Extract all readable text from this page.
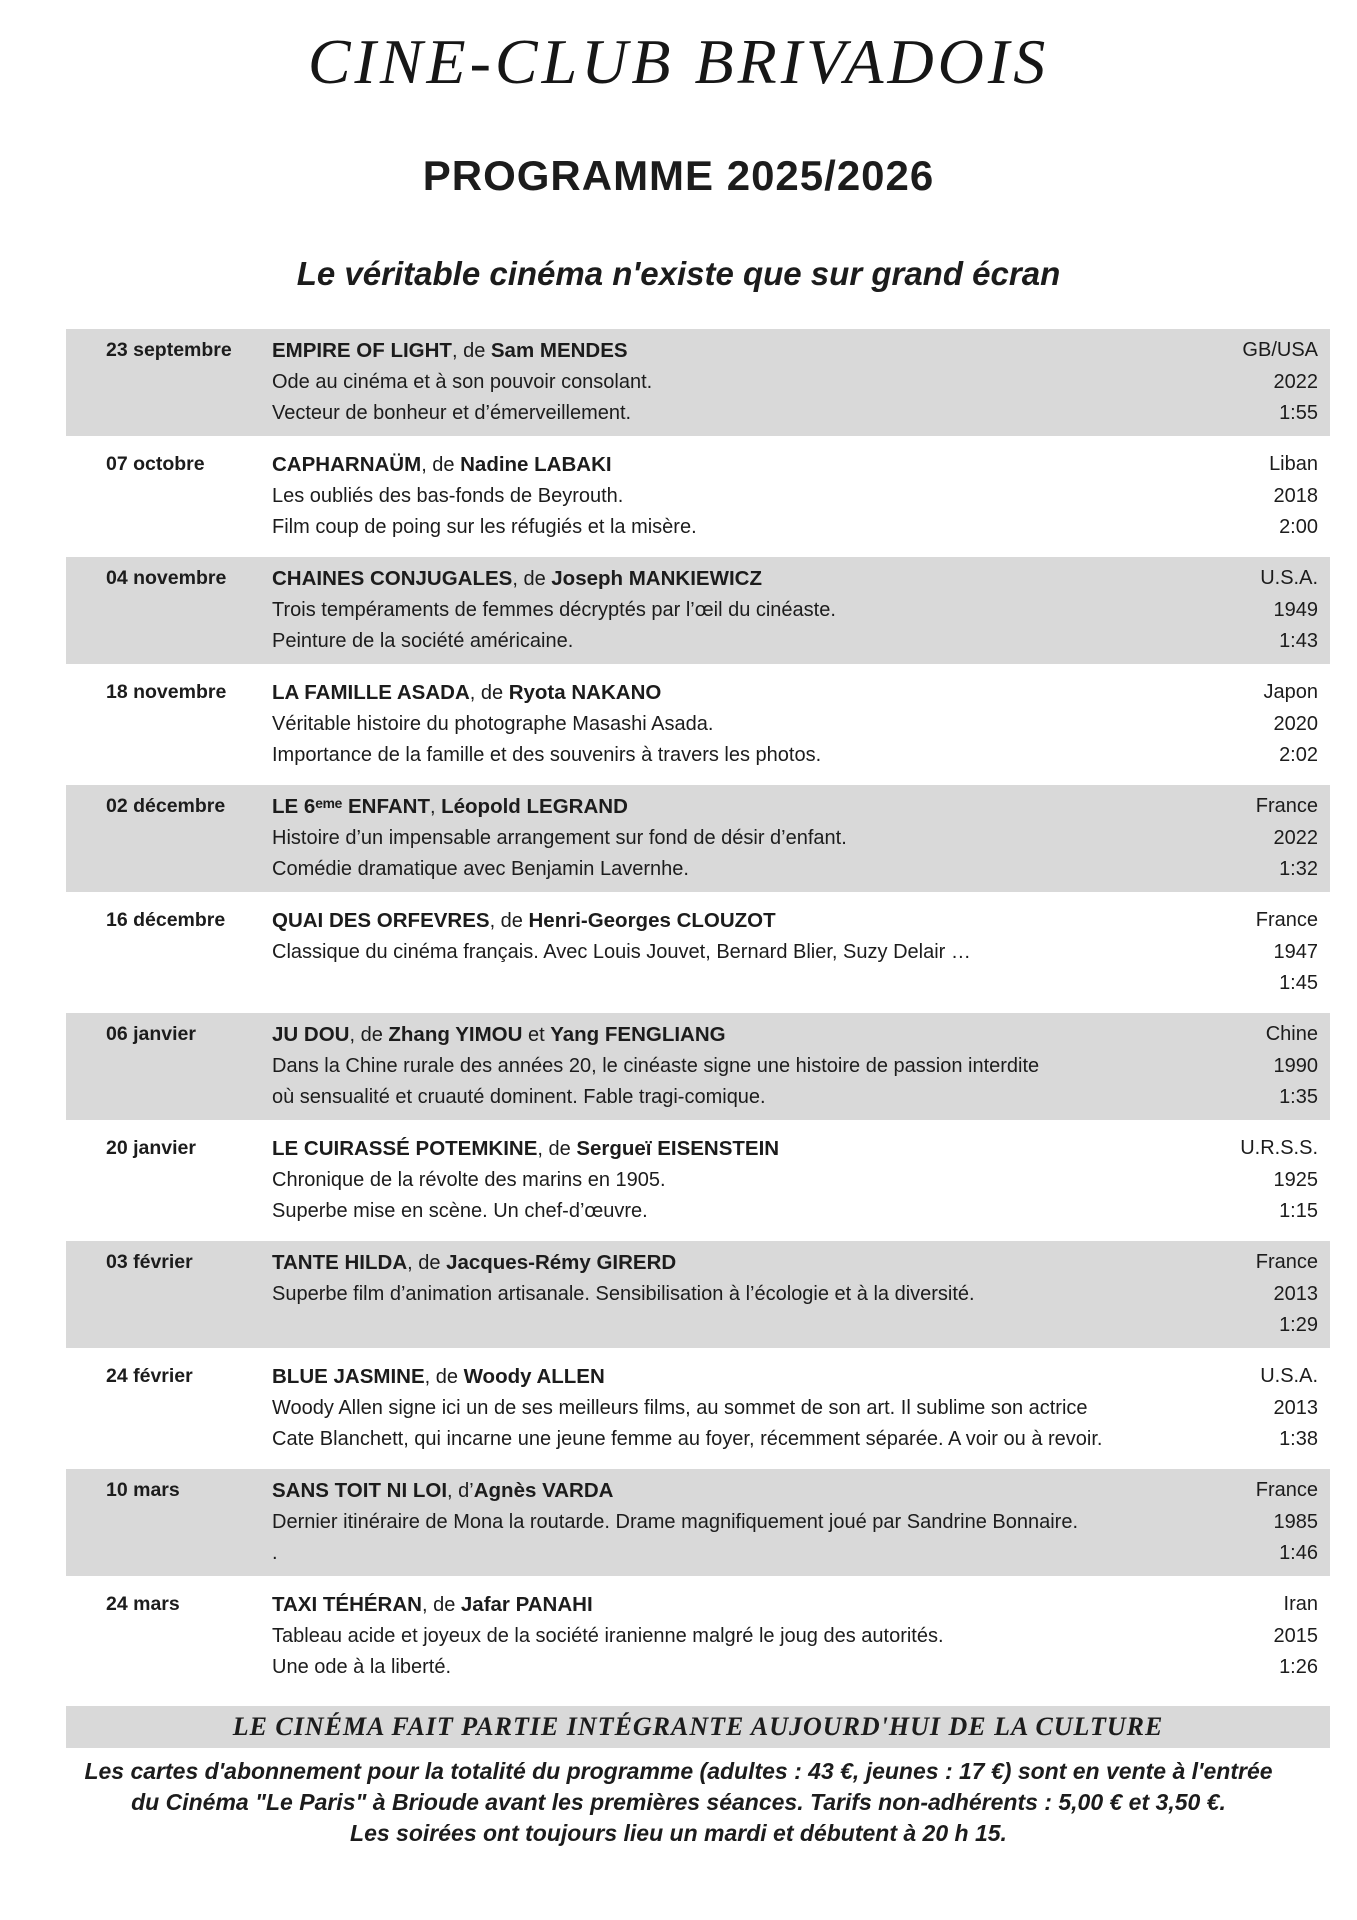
CINE-CLUB BRIVADOIS
PROGRAMME 2025/2026
Le véritable cinéma n'existe que sur grand écran
23 septembre	EMPIRE OF LIGHT, de Sam MENDES	GB/USA
Ode au cinéma et à son pouvoir consolant.	2022
Vecteur de bonheur et d’émerveillement.	1:55
07 octobre	CAPHARNAÜM, de Nadine LABAKI	Liban
Les oubliés des bas-fonds de Beyrouth.	2018
Film coup de poing sur les réfugiés et la misère.	2:00
04 novembre	CHAINES CONJUGALES, de Joseph MANKIEWICZ	U.S.A.
Trois tempéraments de femmes décryptés par l’œil du cinéaste.	1949
Peinture de la société américaine.	1:43
18 novembre	LA FAMILLE ASADA, de Ryota NAKANO	Japon
Véritable histoire du photographe Masashi Asada.	2020
Importance de la famille et des souvenirs à travers les photos.	2:02
02 décembre	LE 6ᵉᵐᵉ ENFANT, Léopold LEGRAND	France
Histoire d’un impensable arrangement sur fond de désir d’enfant.	2022
Comédie dramatique avec Benjamin Lavernhe.	1:32
16 décembre	QUAI DES ORFEVRES, de Henri-Georges CLOUZOT	France
Classique du cinéma français. Avec Louis Jouvet, Bernard Blier, Suzy Delair …	1947
1:45
06 janvier	JU DOU, de Zhang YIMOU et Yang FENGLIANG	Chine
Dans la Chine rurale des années 20, le cinéaste signe une histoire de passion interdite	1990
où sensualité et cruauté dominent. Fable tragi-comique.	1:35
20 janvier	LE CUIRASSÉ POTEMKINE, de Sergueï EISENSTEIN	U.R.S.S.
Chronique de la révolte des marins en 1905.	1925
Superbe mise en scène. Un chef-d’œuvre.	1:15
03 février	TANTE HILDA, de Jacques-Rémy GIRERD	France
Superbe film d’animation artisanale. Sensibilisation à l’écologie et à la diversité.	2013
1:29
24 février	BLUE JASMINE, de Woody ALLEN	U.S.A.
Woody Allen signe ici un de ses meilleurs films, au sommet de son art. Il sublime son actrice	2013
Cate Blanchett, qui incarne une jeune femme au foyer, récemment séparée. A voir ou à revoir.	1:38
10 mars	SANS TOIT NI LOI, d’Agnès VARDA	France
Dernier itinéraire de Mona la routarde. Drame magnifiquement joué par Sandrine Bonnaire.	1985
.	1:46
24 mars	TAXI TÉHÉRAN, de Jafar PANAHI	Iran
Tableau acide et joyeux de la société iranienne malgré le joug des autorités.	2015
Une ode à la liberté.	1:26
LE CINÉMA FAIT PARTIE INTÉGRANTE AUJOURD'HUI DE LA CULTURE
Les cartes d'abonnement pour la totalité du programme (adultes : 43 €, jeunes : 17 €) sont en vente à l'entrée
du Cinéma "Le Paris" à Brioude avant les premières séances. Tarifs non-adhérents : 5,00 € et 3,50 €.
Les soirées ont toujours lieu un mardi et débutent à 20 h 15.
